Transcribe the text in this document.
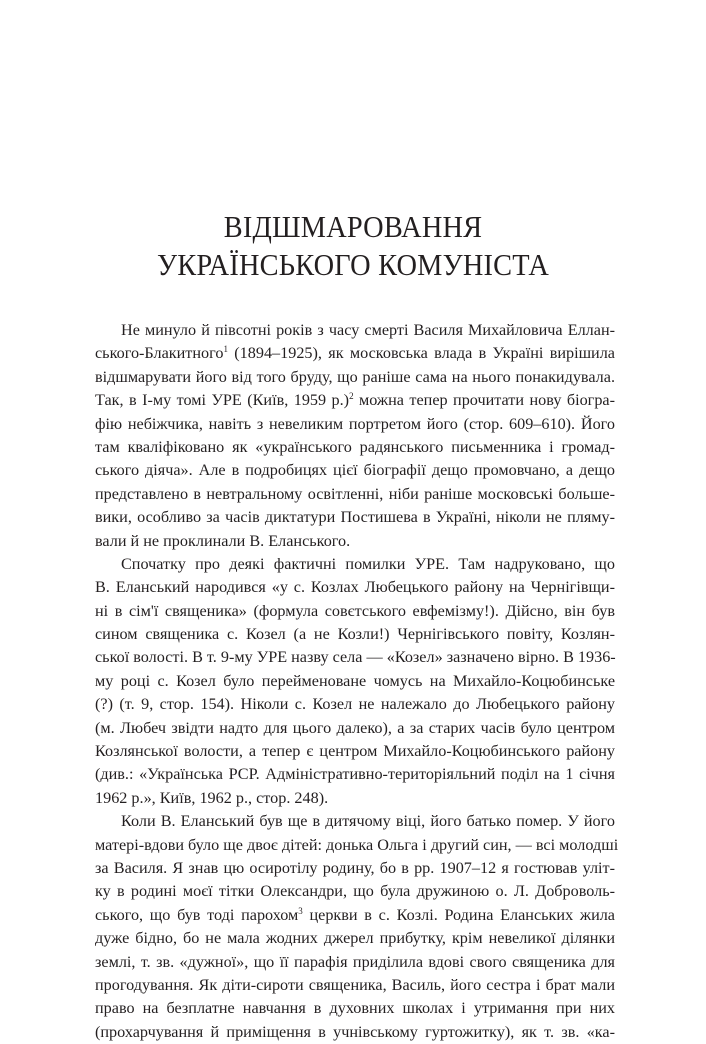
ВІДШМАРОВАННЯ
УКРАЇНСЬКОГО КОМУНІСТА
Не минуло й півсотні років з часу смерті Василя Михайловича Еллан-
ського-Блакитного$^1$ (1894–1925), як московська влада в Україні вирішила
відшмарувати його від того бруду, що раніше сама на нього понакидувала.
Так, в І-му томі УРЕ (Київ, 1959 р.)$^2$ можна тепер прочитати нову біогра-
фію небіжчика, навіть з невеликим портретом його (стор. 609–610). Його
там кваліфіковано як «українського радянського письменника і громад-
ського діяча». Але в подробицях цієї біографії дещо промовчано, а дещо
представлено в невтральному освітленні, ніби раніше московські больше-
вики, особливо за часів диктатури Постишева в Україні, ніколи не пляму-
вали й не проклинали В. Еланського.
Спочатку про деякі фактичні помилки УРЕ. Там надруковано, що
В. Еланський народився «у с. Козлах Любецького району на Чернігівщи-
ні в сім'ї священика» (формула совєтського евфемізму!). Дійсно, він був
сином священика с. Козел (а не Козли!) Чернігівського повіту, Козлян-
ської волості. В т. 9-му УРЕ назву села — «Козел» зазначено вірно. В 1936-
му році с. Козел було перейменоване чомусь на Михайло-Коцюбинське
(?) (т. 9, стор. 154). Ніколи с. Козел не належало до Любецького району
(м. Любеч звідти надто для цього далеко), а за старих часів було центром
Козлянської волости, а тепер є центром Михайло-Коцюбинського району
(див.: «Українська РСР. Адміністративно-територіяльний поділ на 1 січня
1962 р.», Київ, 1962 р., стор. 248).
Коли В. Еланський був ще в дитячому віці, його батько помер. У його
матері-вдови було ще двоє дітей: донька Ольга і другий син, — всі молодші
за Василя. Я знав цю осиротілу родину, бо в рр. 1907–12 я гостював уліт-
ку в родині моєї тітки Олександри, що була дружиною о. Л. Доброволь-
ського, що був тоді парохом$^3$ церкви в с. Козлі. Родина Еланських жила
дуже бідно, бо не мала жодних джерел прибутку, крім невеликої ділянки
землі, т. зв. «дужної», що її парафія приділила вдові свого священика для
прогодування. Як діти-сироти священика, Василь, його сестра і брат мали
право на безплатне навчання в духовних школах і утримання при них
(прохарчування й приміщення в учнівському гуртожитку), як т. зв. «ка-
